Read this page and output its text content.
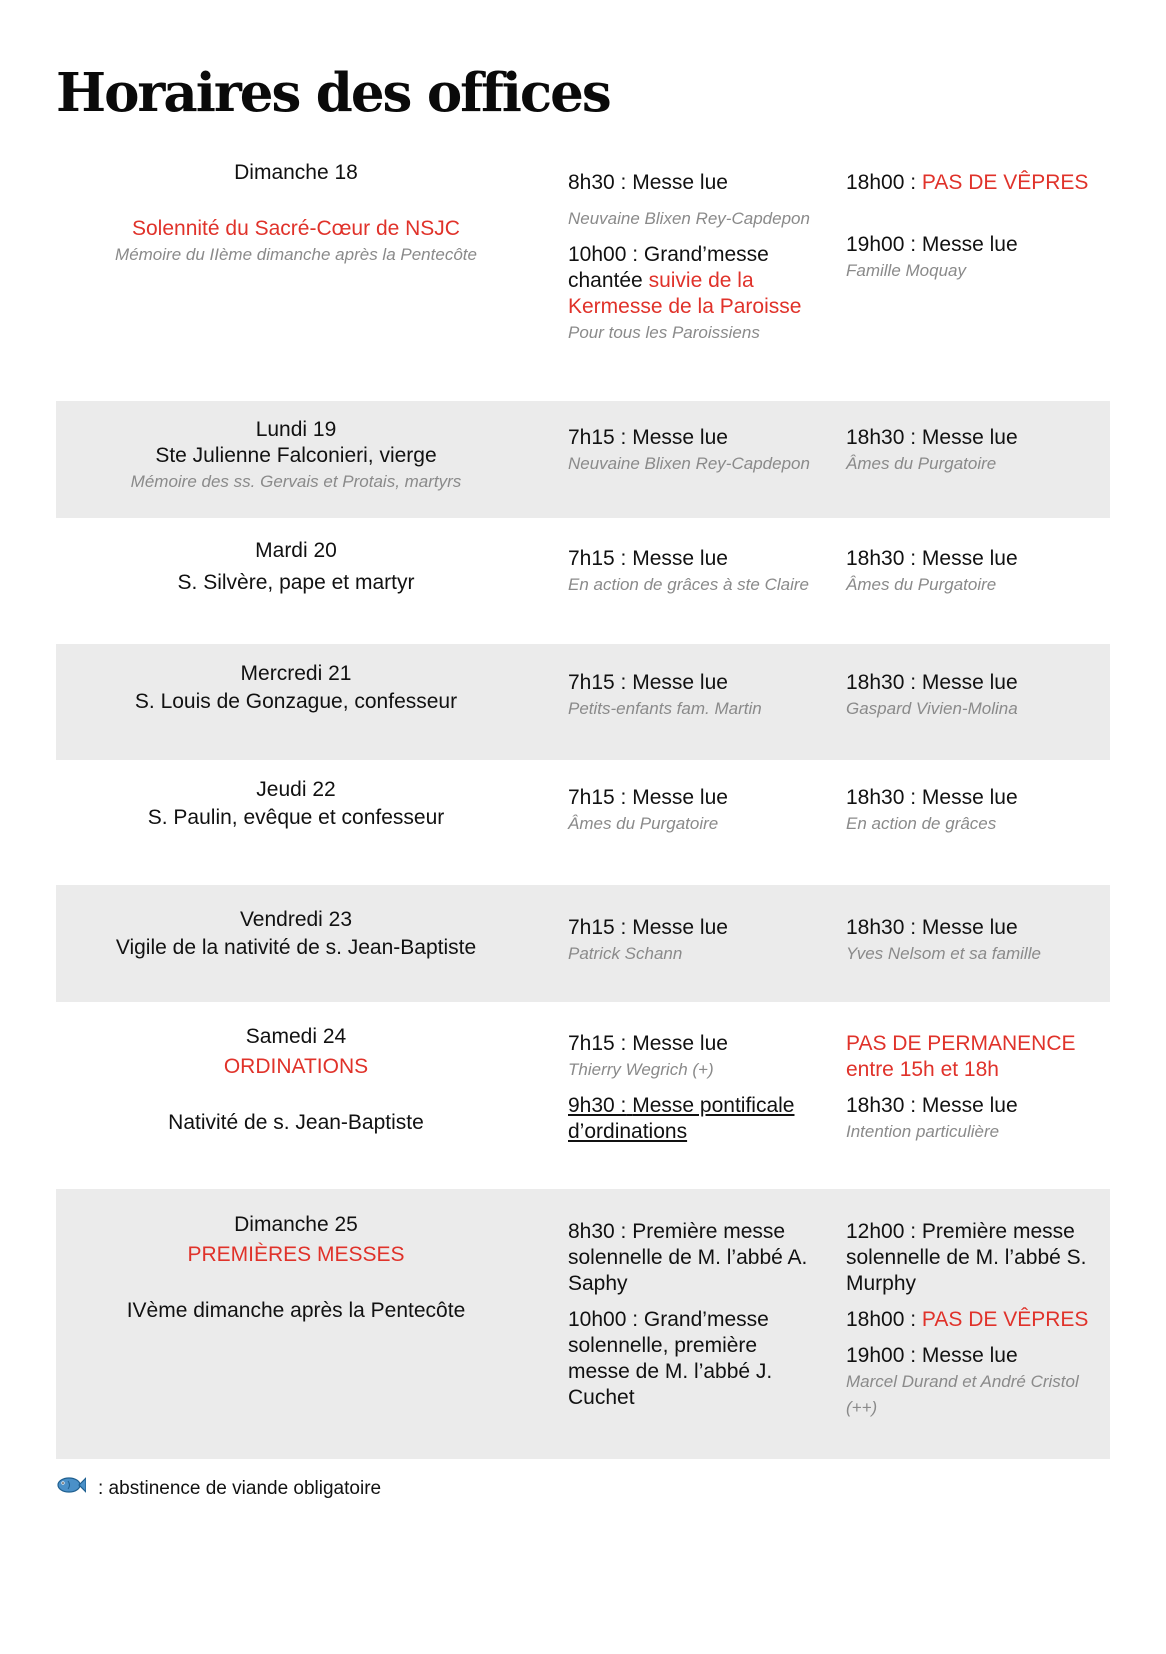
Horaires des offices
Dimanche 18
Solennité du Sacré-Cœur de NSJC
Mémoire du IIème dimanche après la Pentecôte
8h30 : Messe lue
Neuvaine Blixen Rey-Capdepon
10h00 : Grand’messe chantée suivie de la Kermesse de la Paroisse
Pour tous les Paroissiens
18h00 : PAS DE VÊPRES
19h00 : Messe lue
Famille Moquay
Lundi 19
Ste Julienne Falconieri, vierge
Mémoire des ss. Gervais et Protais, martyrs
7h15 : Messe lue
Neuvaine Blixen Rey-Capdepon
18h30 : Messe lue
Âmes du Purgatoire
Mardi 20
S. Silvère, pape et martyr
7h15 : Messe lue
En action de grâces à ste Claire
18h30 : Messe lue
Âmes du Purgatoire
Mercredi 21
S. Louis de Gonzague, confesseur
7h15 : Messe lue
Petits-enfants fam. Martin
18h30 : Messe lue
Gaspard Vivien-Molina
Jeudi 22
S. Paulin, evêque et confesseur
7h15 : Messe lue
Âmes du Purgatoire
18h30 : Messe lue
En action de grâces
Vendredi 23
Vigile de la nativité de s. Jean-Baptiste
7h15 : Messe lue
Patrick Schann
18h30 : Messe lue
Yves Nelsom et sa famille
Samedi 24
ORDINATIONS
Nativité de s. Jean-Baptiste
7h15 : Messe lue
Thierry Wegrich (+)
9h30 : Messe pontificale d’ordinations
PAS DE PERMANENCE entre 15h et 18h
18h30 : Messe lue
Intention particulière
Dimanche 25
PREMIÈRES MESSES
IVème dimanche après la Pentecôte
8h30 : Première messe solennelle de M. l’abbé A. Saphy
10h00 : Grand’messe solennelle, première messe de M. l’abbé J. Cuchet
12h00 : Première messe solennelle de M. l’abbé S. Murphy
18h00 : PAS DE VÊPRES
19h00 : Messe lue
Marcel Durand et André Cristol (++)
: abstinence de viande obligatoire
